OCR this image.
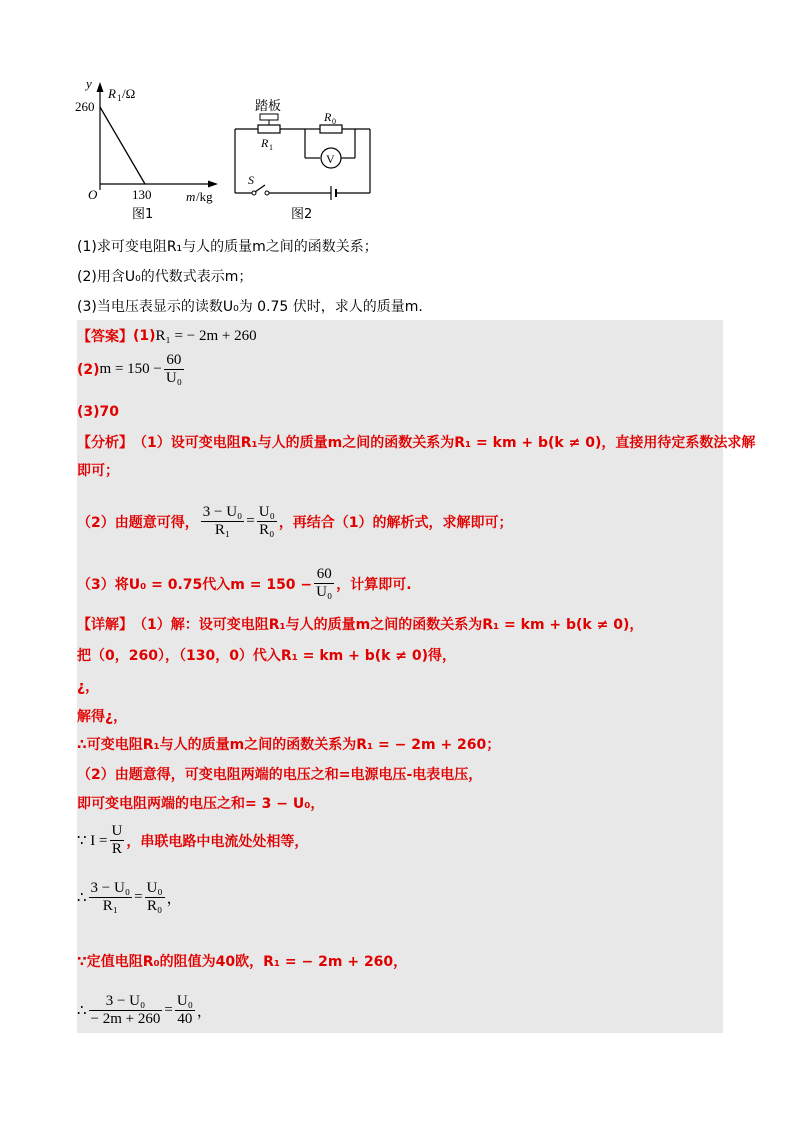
y
R 1 /Ω
260
O	130	m /kg
图1
踏板
R 1
R 0
V
S
图2
(1)求可变电阻R₁与人的质量m之间的函数关系；
(2)用含U₀的代数式表示m；
(3)当电压表显示的读数U₀为 0.75 伏时，求人的质量m.
【答案】 (1) R₁ = − 2m + 260
(2) $m = 150 - \frac{60}{\text{U₀}}$
(3)70
【分析】 （1）设可变电阻R₁与人的质量m之间的函数关系为R₁ = km + b(k ≠ 0)，直接用待定系数法求解
即可；
（2）由题意可得， $\frac{\text{3 − U₀}}{\text{R₁}} = \frac{\text{U₀}}{\text{R₀}}$ ，再结合（1）的解析式，求解即可；
（3）将U₀ = 0.75代入$m = 150 - \frac{60}{\text{U₀}}$ ，计算即可.
【详解】 （1）解：设可变电阻R₁与人的质量m之间的函数关系为R₁ = km + b(k ≠ 0)，
把（0，260），（130，0）代入R₁ = km + b(k ≠ 0)得，
¿，
解得¿，
∴可变电阻R₁与人的质量m之间的函数关系为R₁ = − 2m + 260；
（2）由题意得，可变电阻两端的电压之和=电源电压-电表电压，
即可变电阻两端的电压之和= 3 − U₀，
∵ $I = \frac{U}{R}$ ，串联电路中电流处处相等，
∴ $\frac{\text{3 − U₀}}{\text{R₁}} = \frac{\text{U₀}}{\text{R₀}}$ ，
∵定值电阻R₀的阻值为40欧，R₁ = − 2m + 260，
∴ $\frac{\text{3 − U₀}}{- 2m + 260} = \frac{\text{U₀}}{40}$ ，
